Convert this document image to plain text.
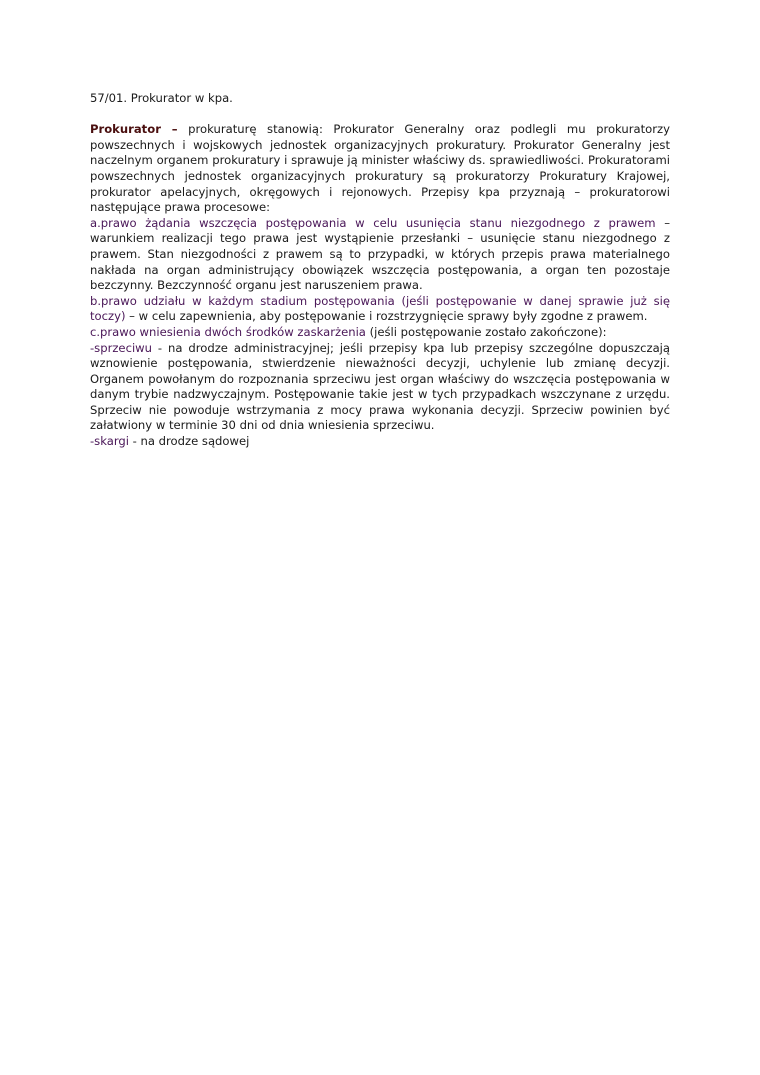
57/01. Prokurator w kpa.

Prokurator – prokuraturę stanowią: Prokurator Generalny oraz podlegli mu prokuratorzy powszechnych i wojskowych jednostek organizacyjnych prokuratury. Prokurator Generalny jest naczelnym organem prokuratury i sprawuje ją minister właściwy ds. sprawiedliwości. Prokuratorami powszechnych jednostek organizacyjnych prokuratury są prokuratorzy Prokuratury Krajowej, prokurator apelacyjnych, okręgowych i rejonowych. Przepisy kpa przyznają – prokuratorowi następujące prawa procesowe:

a.prawo żądania wszczęcia postępowania w celu usunięcia stanu niezgodnego z prawem – warunkiem realizacji tego prawa jest wystąpienie przesłanki – usunięcie stanu niezgodnego z prawem. Stan niezgodności z prawem są to przypadki, w których przepis prawa materialnego nakłada na organ administrujący obowiązek wszczęcia postępowania, a organ ten pozostaje bezczynny. Bezczynność organu jest naruszeniem prawa.

b.prawo udziału w każdym stadium postępowania (jeśli postępowanie w danej sprawie już się toczy) – w celu zapewnienia, aby postępowanie i rozstrzygnięcie sprawy były zgodne z prawem.

c.prawo wniesienia dwóch środków zaskarżenia (jeśli postępowanie zostało zakończone):

-sprzeciwu - na drodze administracyjnej; jeśli przepisy kpa lub przepisy szczególne dopuszczają wznowienie postępowania, stwierdzenie nieważności decyzji, uchylenie lub zmianę decyzji. Organem powołanym do rozpoznania sprzeciwu jest organ właściwy do wszczęcia postępowania w danym trybie nadzwyczajnym. Postępowanie takie jest w tych przypadkach wszczynane z urzędu. Sprzeciw nie powoduje wstrzymania z mocy prawa wykonania decyzji. Sprzeciw powinien być załatwiony w terminie 30 dni od dnia wniesienia sprzeciwu.

-skargi - na drodze sądowej
